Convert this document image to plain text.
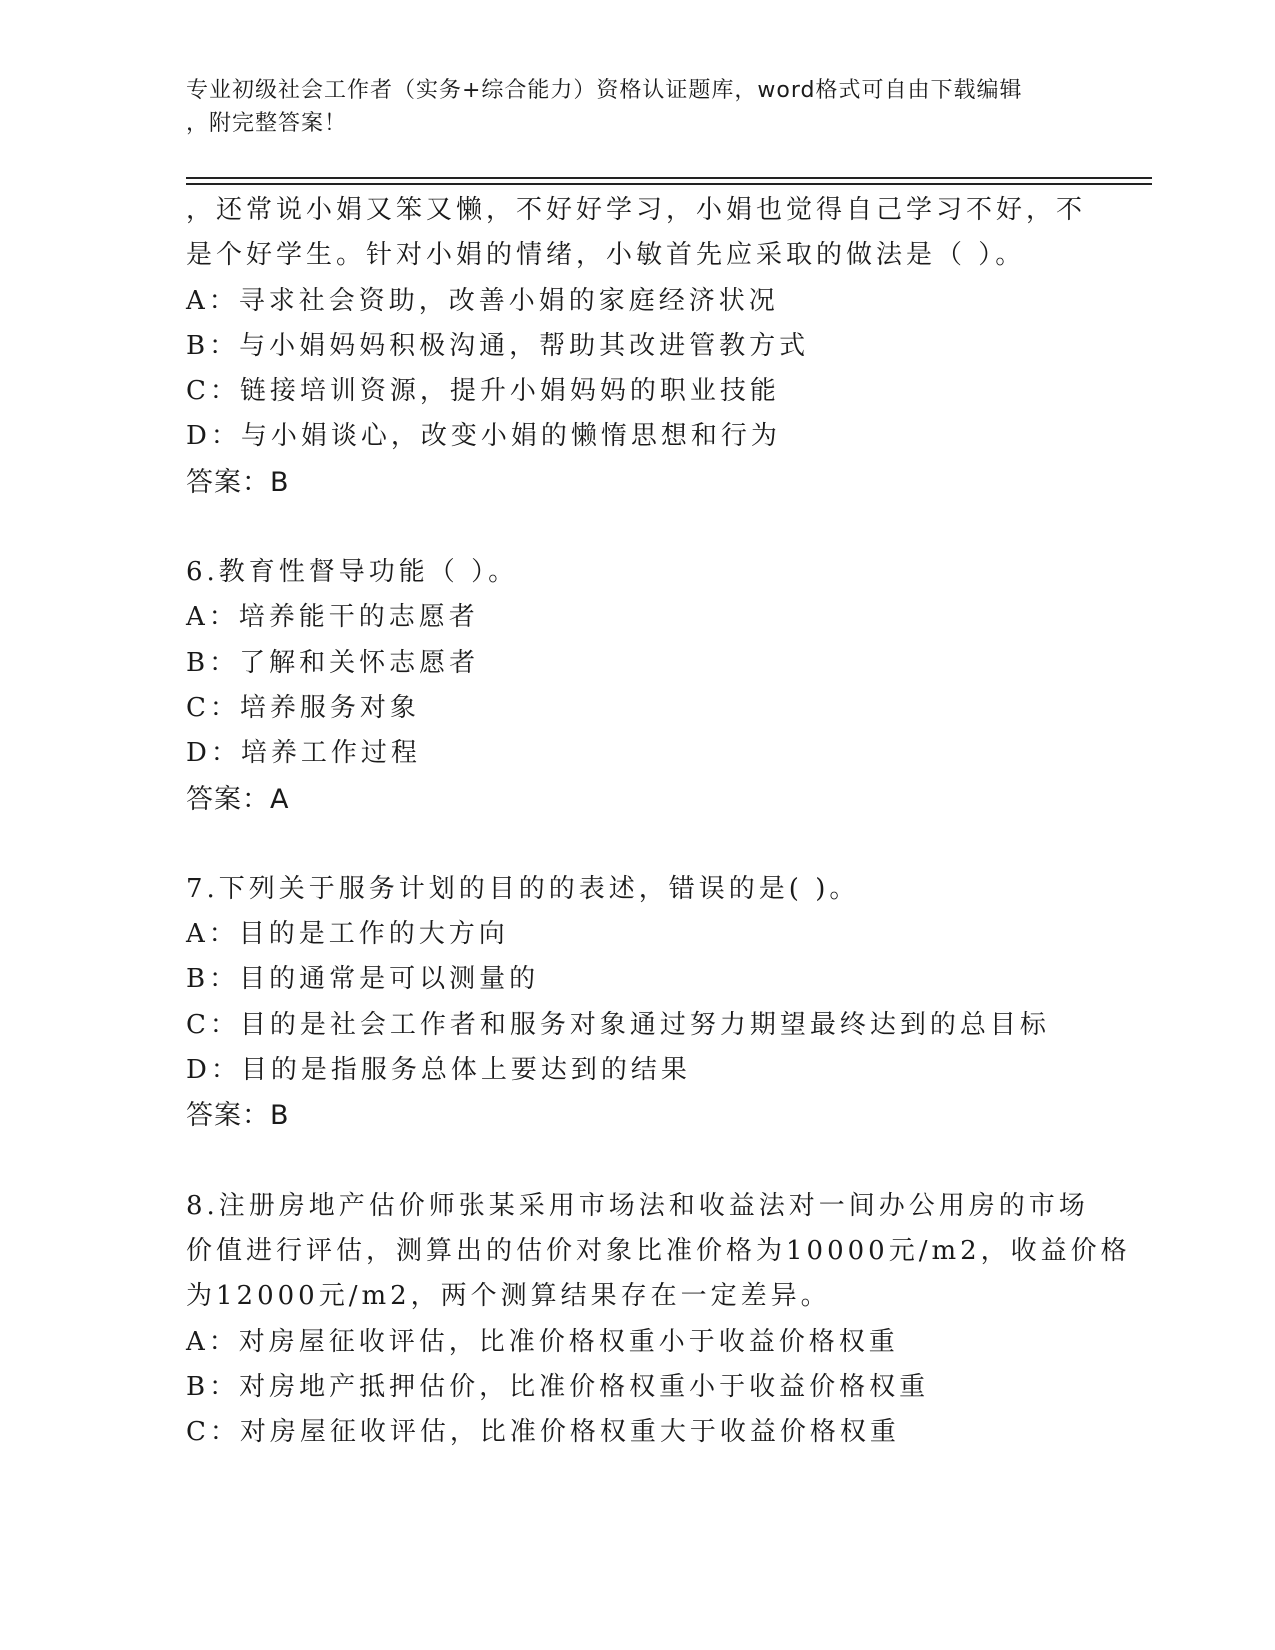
专业初级社会工作者（实务+综合能力）资格认证题库，word格式可自由下载编辑
，附完整答案！

，还常说小娟又笨又懒，不好好学习，小娟也觉得自己学习不好，不

是个好学生。针对小娟的情绪，小敏首先应采取的做法是（ ）。

A：寻求社会资助，改善小娟的家庭经济状况

B：与小娟妈妈积极沟通，帮助其改进管教方式

C：链接培训资源，提升小娟妈妈的职业技能

D：与小娟谈心，改变小娟的懒惰思想和行为

答案：B

6.教育性督导功能（ ）。

A：培养能干的志愿者

B：了解和关怀志愿者

C：培养服务对象

D：培养工作过程

答案：A

7.下列关于服务计划的目的的表述，错误的是( )。

A：目的是工作的大方向

B：目的通常是可以测量的

C：目的是社会工作者和服务对象通过努力期望最终达到的总目标

D：目的是指服务总体上要达到的结果

答案：B

8.注册房地产估价师张某采用市场法和收益法对一间办公用房的市场

价值进行评估，测算出的估价对象比准价格为10000元/m2，收益价格

为12000元/m2，两个测算结果存在一定差异。

A：对房屋征收评估，比准价格权重小于收益价格权重

B：对房地产抵押估价，比准价格权重小于收益价格权重

C：对房屋征收评估，比准价格权重大于收益价格权重
